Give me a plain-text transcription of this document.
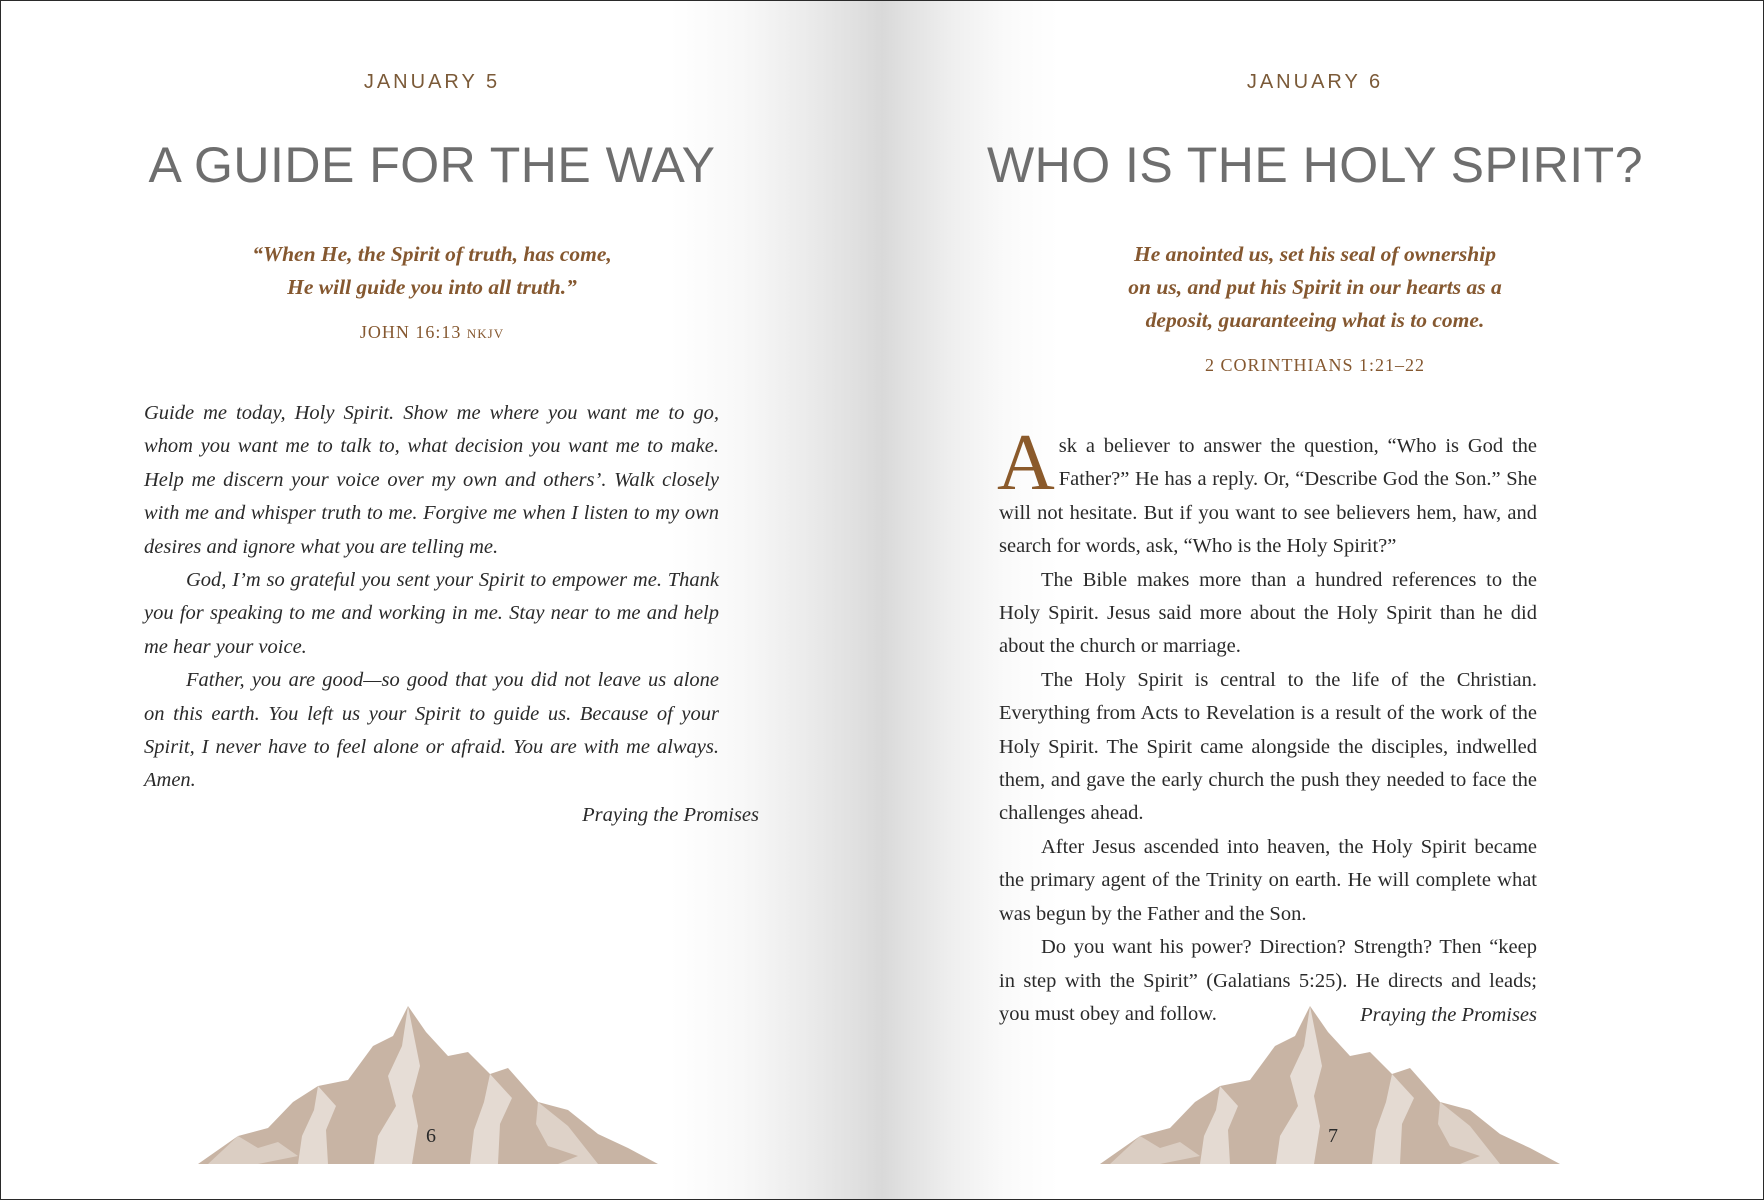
JANUARY 5

A GUIDE FOR THE WAY

“When He, the Spirit of truth, has come,
He will guide you into all truth.”

JOHN 16:13 NKJV

Guide me today, Holy Spirit. Show me where you want me to go, whom you want me to talk to, what decision you want me to make. Help me discern your voice over my own and others’. Walk closely with me and whisper truth to me. Forgive me when I listen to my own desires and ignore what you are telling me.

God, I’m so grateful you sent your Spirit to empower me. Thank you for speaking to me and working in me. Stay near to me and help me hear your voice.

Father, you are good—so good that you did not leave us alone on this earth. You left us your Spirit to guide us. Because of your Spirit, I never have to feel alone or afraid. You are with me always. Amen.

Praying the Promises

6

JANUARY 6

WHO IS THE HOLY SPIRIT?

He anointed us, set his seal of ownership
on us, and put his Spirit in our hearts as a
deposit, guaranteeing what is to come.

2 CORINTHIANS 1:21–22

Ask a believer to answer the question, “Who is God the Father?” He has a reply. Or, “Describe God the Son.” She will not hesitate. But if you want to see believers hem, haw, and search for words, ask, “Who is the Holy Spirit?”

The Bible makes more than a hundred references to the Holy Spirit. Jesus said more about the Holy Spirit than he did about the church or marriage.

The Holy Spirit is central to the life of the Christian. Everything from Acts to Revelation is a result of the work of the Holy Spirit. The Spirit came alongside the disciples, indwelled them, and gave the early church the push they needed to face the challenges ahead.

After Jesus ascended into heaven, the Holy Spirit became the primary agent of the Trinity on earth. He will complete what was begun by the Father and the Son.

Do you want his power? Direction? Strength? Then “keep in step with the Spirit” (Galatians 5:25). He directs and leads; you must obey and follow.	Praying the Promises

7
